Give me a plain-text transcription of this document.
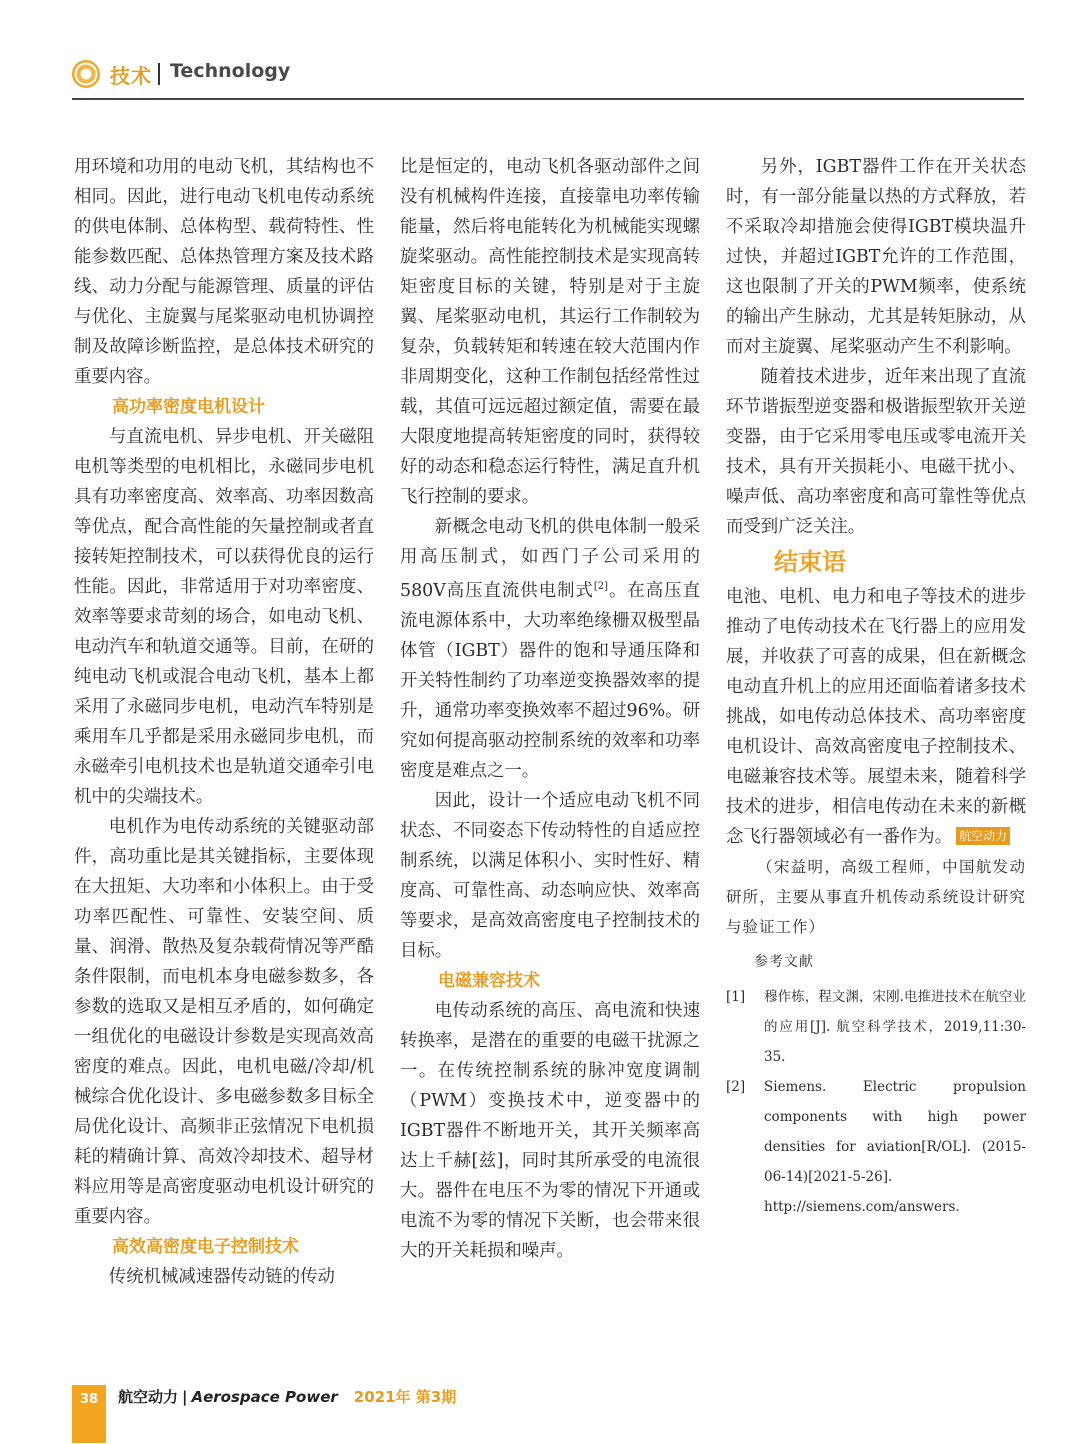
技术 Technology

用环境和功用的电动飞机，其结构也不相同。因此，进行电动飞机电传动系统的供电体制、总体构型、载荷特性、性能参数匹配、总体热管理方案及技术路线、动力分配与能源管理、质量的评估与优化、主旋翼与尾桨驱动电机协调控制及故障诊断监控，是总体技术研究的重要内容。

高功率密度电机设计

与直流电机、异步电机、开关磁阻电机等类型的电机相比，永磁同步电机具有功率密度高、效率高、功率因数高等优点，配合高性能的矢量控制或者直接转矩控制技术，可以获得优良的运行性能。因此，非常适用于对功率密度、效率等要求苛刻的场合，如电动飞机、电动汽车和轨道交通等。目前，在研的纯电动飞机或混合电动飞机，基本上都采用了永磁同步电机，电动汽车特别是乘用车几乎都是采用永磁同步电机，而永磁牵引电机技术也是轨道交通牵引电机中的尖端技术。

电机作为电传动系统的关键驱动部件，高功重比是其关键指标，主要体现在大扭矩、大功率和小体积上。由于受功率匹配性、可靠性、安装空间、质量、润滑、散热及复杂载荷情况等严酷条件限制，而电机本身电磁参数多，各参数的选取又是相互矛盾的，如何确定一组优化的电磁设计参数是实现高效高密度的难点。因此，电机电磁/冷却/机械综合优化设计、多电磁参数多目标全局优化设计、高频非正弦情况下电机损耗的精确计算、高效冷却技术、超导材料应用等是高密度驱动电机设计研究的重要内容。

高效高密度电子控制技术

传统机械减速器传动链的传动

比是恒定的，电动飞机各驱动部件之间没有机械构件连接，直接靠电功率传输能量，然后将电能转化为机械能实现螺旋桨驱动。高性能控制技术是实现高转矩密度目标的关键，特别是对于主旋翼、尾桨驱动电机，其运行工作制较为复杂，负载转矩和转速在较大范围内作非周期变化，这种工作制包括经常性过载，其值可远远超过额定值，需要在最大限度地提高转矩密度的同时，获得较好的动态和稳态运行特性，满足直升机飞行控制的要求。

新概念电动飞机的供电体制一般采用高压制式，如西门子公司采用的580V高压直流供电制式[2]。在高压直流电源体系中，大功率绝缘栅双极型晶体管（IGBT）器件的饱和导通压降和开关特性制约了功率逆变换器效率的提升，通常功率变换效率不超过96%。研究如何提高驱动控制系统的效率和功率密度是难点之一。

因此，设计一个适应电动飞机不同状态、不同姿态下传动特性的自适应控制系统，以满足体积小、实时性好、精度高、可靠性高、动态响应快、效率高等要求，是高效高密度电子控制技术的目标。

电磁兼容技术

电传动系统的高压、高电流和快速转换率，是潜在的重要的电磁干扰源之一。在传统控制系统的脉冲宽度调制（PWM）变换技术中，逆变器中的IGBT器件不断地开关，其开关频率高达上千赫[兹]，同时其所承受的电流很大。器件在电压不为零的情况下开通或电流不为零的情况下关断，也会带来很大的开关耗损和噪声。

另外，IGBT器件工作在开关状态时，有一部分能量以热的方式释放，若不采取冷却措施会使得IGBT模块温升过快，并超过IGBT允许的工作范围，这也限制了开关的PWM频率，使系统的输出产生脉动，尤其是转矩脉动，从而对主旋翼、尾桨驱动产生不利影响。

随着技术进步，近年来出现了直流环节谐振型逆变器和极谐振型软开关逆变器，由于它采用零电压或零电流开关技术，具有开关损耗小、电磁干扰小、噪声低、高功率密度和高可靠性等优点而受到广泛关注。

结束语

电池、电机、电力和电子等技术的进步推动了电传动技术在飞行器上的应用发展，并收获了可喜的成果，但在新概念电动直升机上的应用还面临着诸多技术挑战，如电传动总体技术、高功率密度电机设计、高效高密度电子控制技术、电磁兼容技术等。展望未来，随着科学技术的进步，相信电传动在未来的新概念飞行器领域必有一番作为。 航空动力

（宋益明，高级工程师，中国航发动研所，主要从事直升机传动系统设计研究与验证工作）

参考文献

[1]	穆作栋，程文渊，宋刚.电推进技术在航空业的应用[J]. 航空科学技术，2019,11:30-35.
[2]	Siemens. Electric propulsion components with high power densities for aviation[R/OL]. (2015-06-14)[2021-5-26]. http://siemens.com/answers.
38	航空动力 | Aerospace Power 2021年 第3期
